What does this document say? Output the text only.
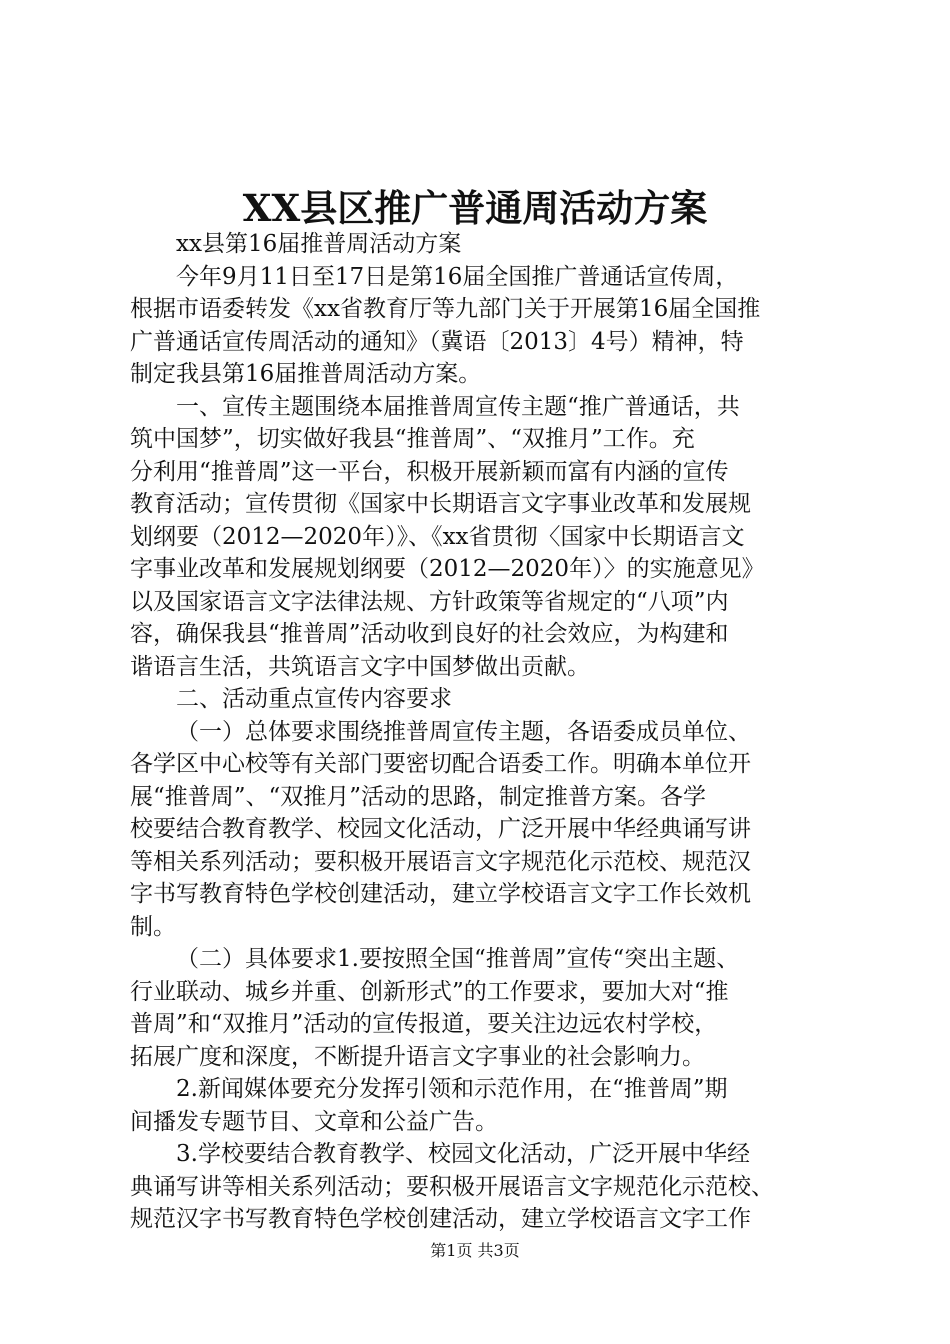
XX县区推广普通周活动方案
xx县第16届推普周活动方案
今年9月11日至17日是第16届全国推广普通话宣传周，
根据市语委转发《xx省教育厅等九部门关于开展第16届全国推
广普通话宣传周活动的通知》（冀语〔2013〕4号）精神，特
制定我县第16届推普周活动方案。
一、宣传主题围绕本届推普周宣传主题“推广普通话，共
筑中国梦”，切实做好我县“推普周”、“双推月”工作。充
分利用“推普周”这一平台，积极开展新颖而富有内涵的宣传
教育活动；宣传贯彻《国家中长期语言文字事业改革和发展规
划纲要（2012—2020年）》、《xx省贯彻〈国家中长期语言文
字事业改革和发展规划纲要（2012—2020年）〉的实施意见》
以及国家语言文字法律法规、方针政策等省规定的“八项”内
容，确保我县“推普周”活动收到良好的社会效应，为构建和
谐语言生活，共筑语言文字中国梦做出贡献。
二、活动重点宣传内容要求
（一）总体要求围绕推普周宣传主题，各语委成员单位、
各学区中心校等有关部门要密切配合语委工作。明确本单位开
展“推普周”、“双推月”活动的思路，制定推普方案。各学
校要结合教育教学、校园文化活动，广泛开展中华经典诵写讲
等相关系列活动；要积极开展语言文字规范化示范校、规范汉
字书写教育特色学校创建活动，建立学校语言文字工作长效机
制。
（二）具体要求1.要按照全国“推普周”宣传“突出主题、
行业联动、城乡并重、创新形式”的工作要求，要加大对“推
普周”和“双推月”活动的宣传报道，要关注边远农村学校，
拓展广度和深度，不断提升语言文字事业的社会影响力。
2.新闻媒体要充分发挥引领和示范作用，在“推普周”期
间播发专题节目、文章和公益广告。
3.学校要结合教育教学、校园文化活动，广泛开展中华经
典诵写讲等相关系列活动；要积极开展语言文字规范化示范校、
规范汉字书写教育特色学校创建活动，建立学校语言文字工作
第1页 共3页
